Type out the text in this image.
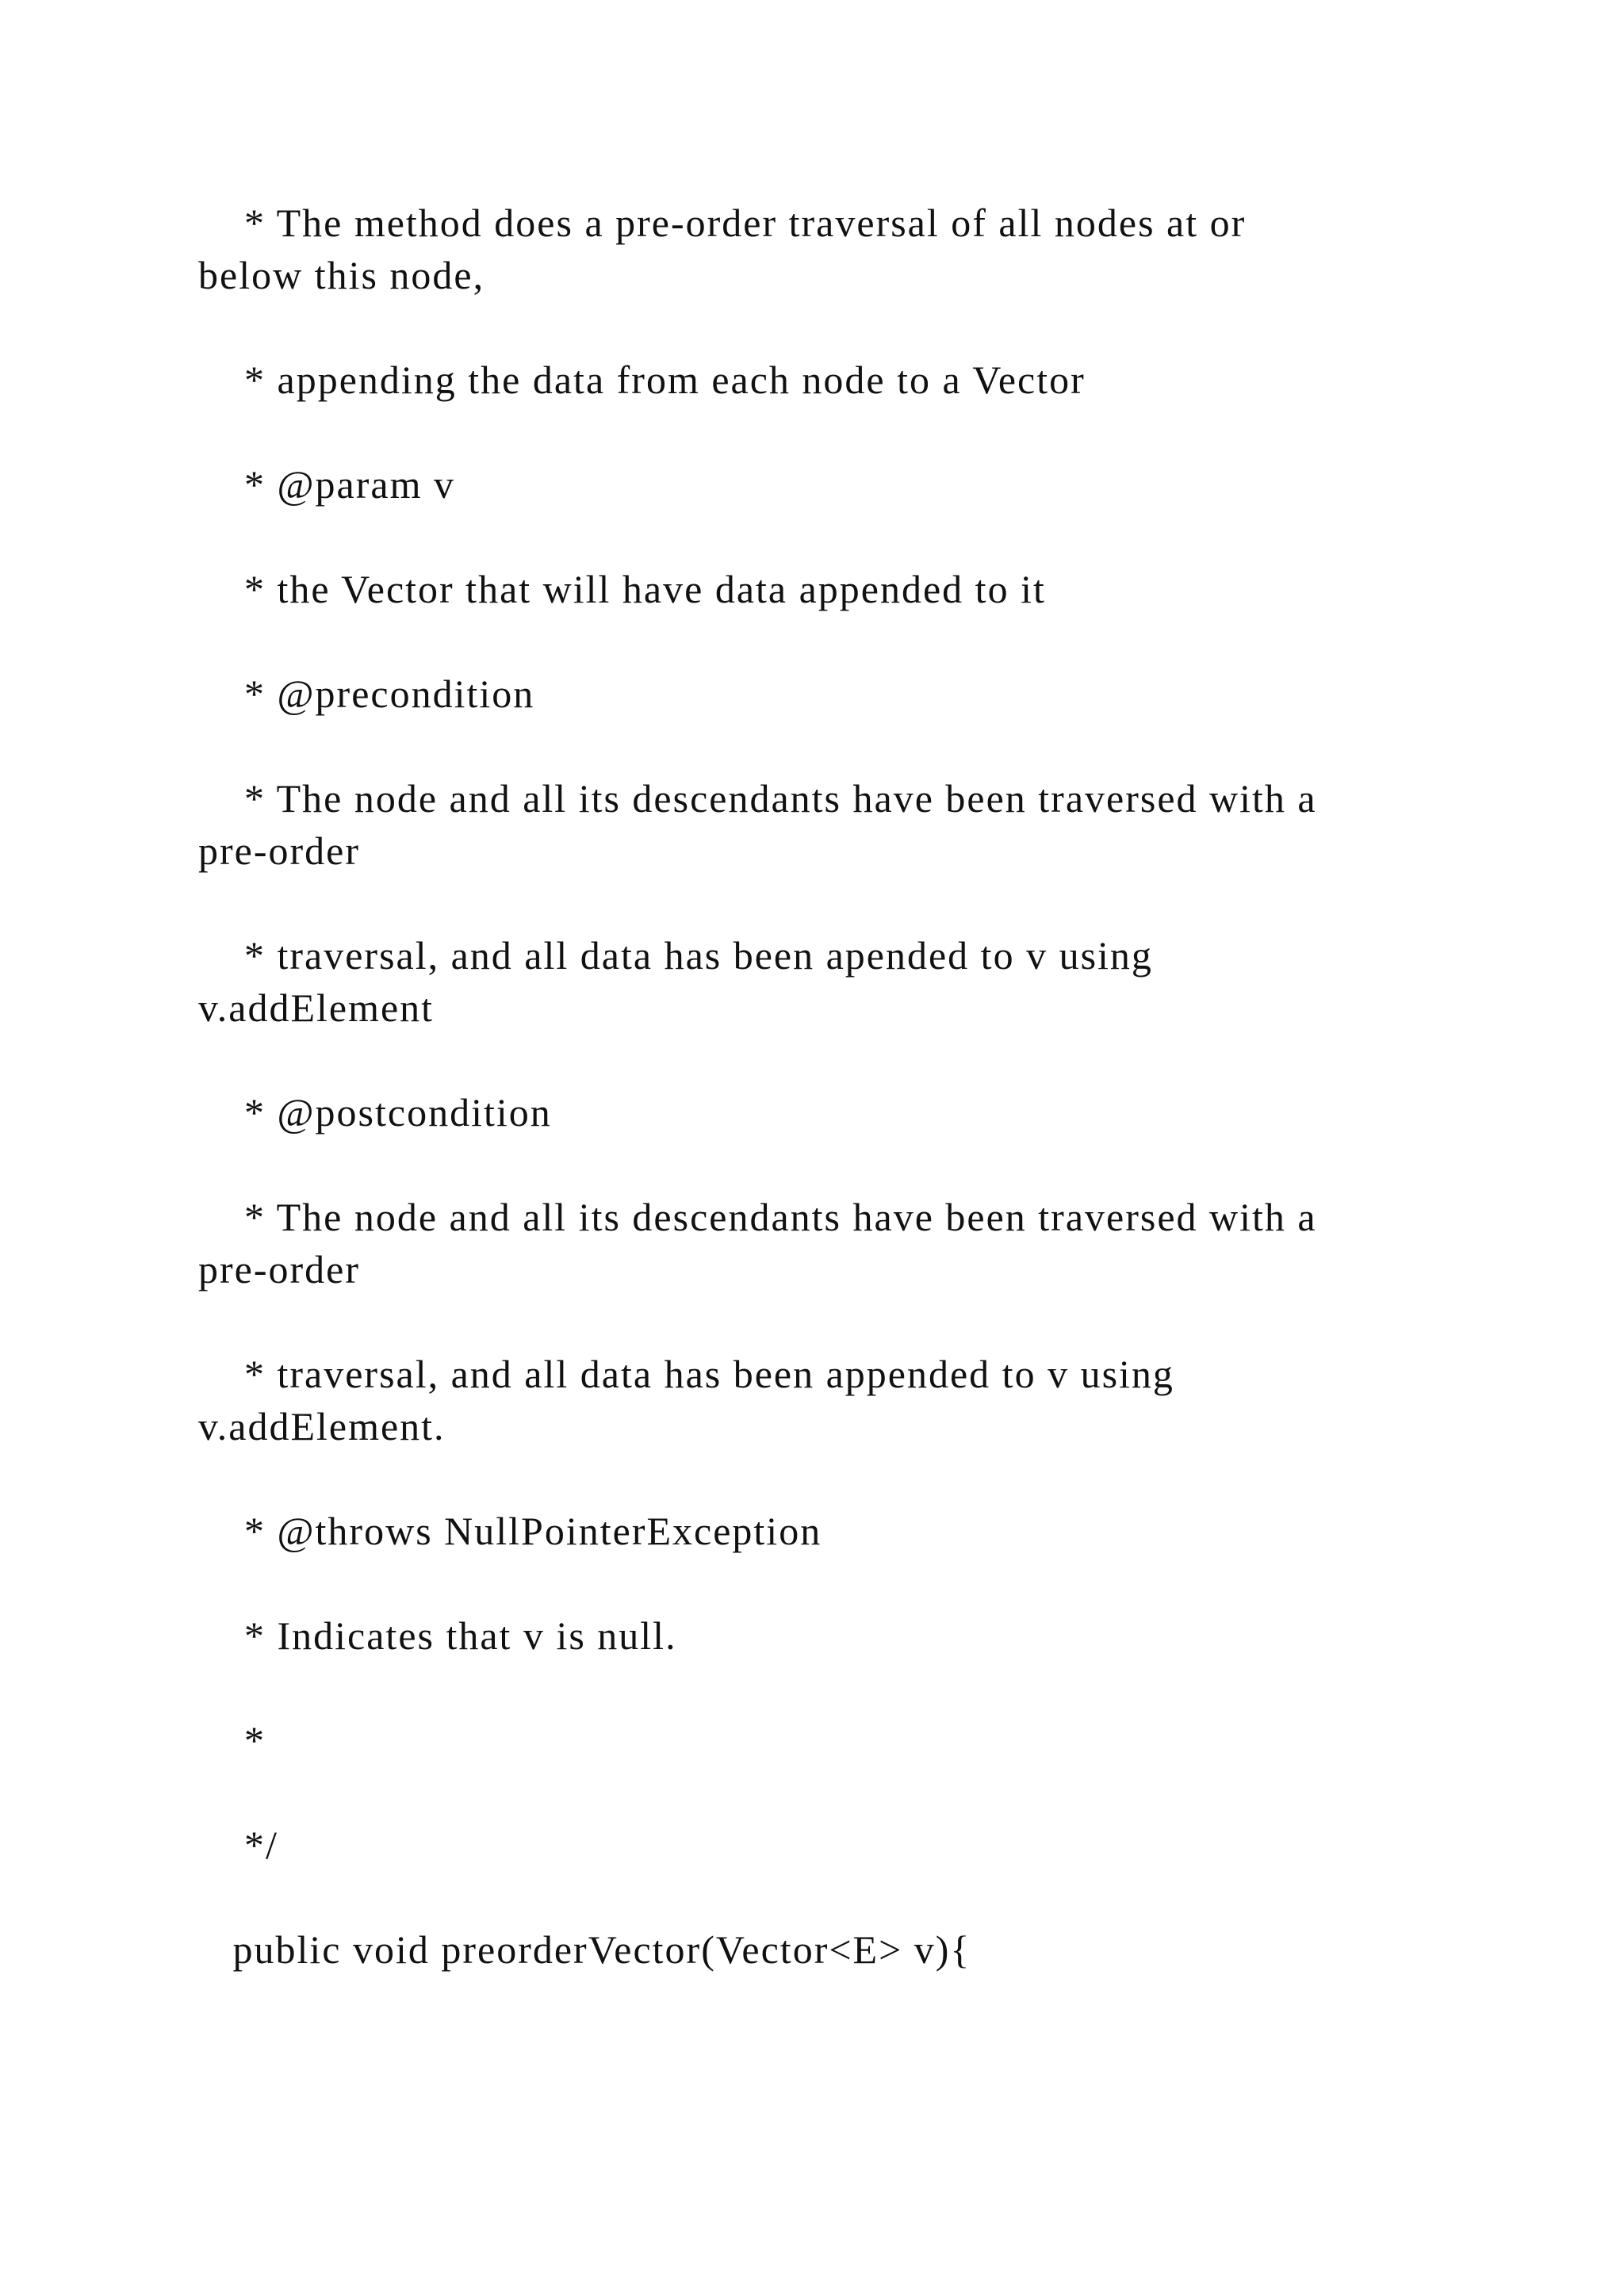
* The method does a pre-order traversal of all nodes at or
below this node,
* appending the data from each node to a Vector
* @param v
* the Vector that will have data appended to it
* @precondition
* The node and all its descendants have been traversed with a
pre-order
* traversal, and all data has been apended to v using
v.addElement
* @postcondition
* The node and all its descendants have been traversed with a
pre-order
* traversal, and all data has been appended to v using
v.addElement.
* @throws NullPointerException
* Indicates that v is null.
*
*/
public void preorderVector(Vector<E> v){
